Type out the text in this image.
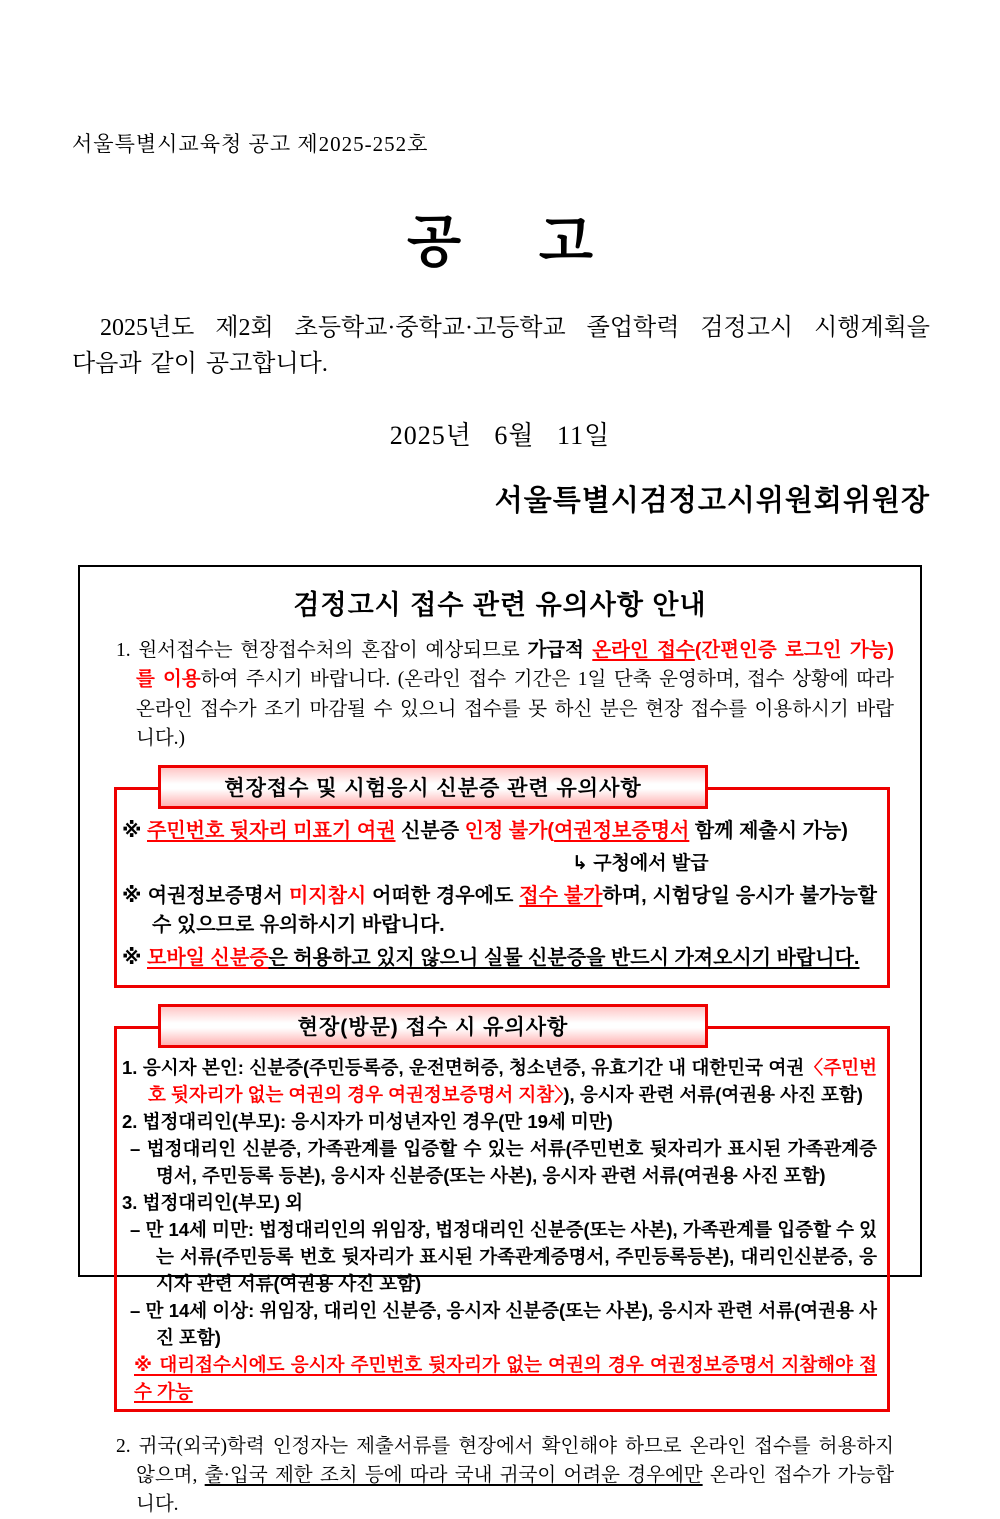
서울특별시교육청 공고 제2025-252호
공     고
2025년도 제2회 초등학교·중학교·고등학교 졸업학력 검정고시 시행계획을
다음과 같이 공고합니다.
2025년   6월   11일
서울특별시검정고시위원회위원장
검정고시 접수 관련 유의사항 안내

1. 원서접수는 현장접수처의 혼잡이 예상되므로 가급적 온라인 접수(간편인증 로그인 가능)를 이용하여 주시기 바랍니다. (온라인 접수 기간은 1일 단축 운영하며, 접수 상황에 따라 온라인 접수가 조기 마감될 수 있으니 접수를 못 하신 분은 현장 접수를 이용하시기 바랍니다.)

현장접수 및 시험응시 신분증 관련 유의사항

※ 주민번호 뒷자리 미표기 여권 신분증 인정 불가(여권정보증명서 함께 제출시 가능)

↳ 구청에서 발급

※ 여권정보증명서 미지참시 어떠한 경우에도 접수 불가하며, 시험당일 응시가 불가능할 수 있으므로 유의하시기 바랍니다.

※ 모바일 신분증은 허용하고 있지 않으니 실물 신분증을 반드시 가져오시기 바랍니다.

현장(방문) 접수 시 유의사항

1. 응시자 본인: 신분증(주민등록증, 운전면허증, 청소년증, 유효기간 내 대한민국 여권〈주민번호 뒷자리가 없는 여권의 경우 여권정보증명서 지참〉), 응시자 관련 서류(여권용 사진 포함)

2. 법정대리인(부모): 응시자가 미성년자인 경우(만 19세 미만)

– 법정대리인 신분증, 가족관계를 입증할 수 있는 서류(주민번호 뒷자리가 표시된 가족관계증명서, 주민등록 등본), 응시자 신분증(또는 사본), 응시자 관련 서류(여권용 사진 포함)

3. 법정대리인(부모) 외

– 만 14세 미만: 법정대리인의 위임장, 법정대리인 신분증(또는 사본), 가족관계를 입증할 수 있는 서류(주민등록 번호 뒷자리가 표시된 가족관계증명서, 주민등록등본), 대리인신분증, 응시자 관련 서류(여권용 사진 포함)

– 만 14세 이상: 위임장, 대리인 신분증, 응시자 신분증(또는 사본), 응시자 관련 서류(여권용 사진 포함)

※ 대리접수시에도 응시자 주민번호 뒷자리가 없는 여권의 경우 여권정보증명서 지참해야 접수 가능

2. 귀국(외국)학력 인정자는 제출서류를 현장에서 확인해야 하므로 온라인 접수를 허용하지 않으며, 출·입국 제한 조치 등에 따라 국내 귀국이 어려운 경우에만 온라인 접수가 가능합니다.
